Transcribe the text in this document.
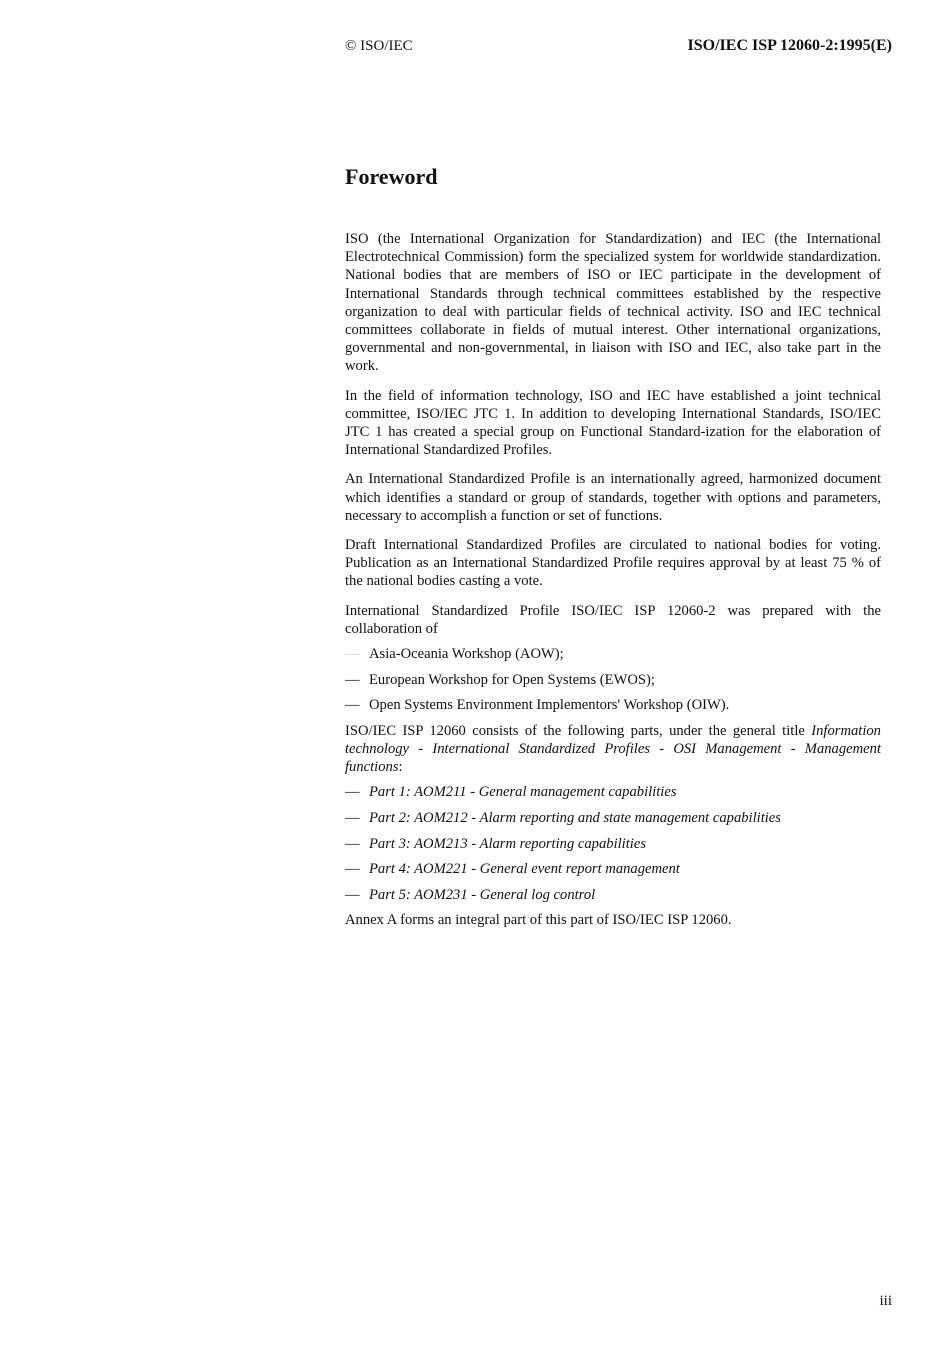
© ISO/IEC	ISO/IEC ISP 12060-2:1995(E)
Foreword

ISO (the International Organization for Standardization) and IEC (the International Electrotechnical Commission) form the specialized system for worldwide standardization. National bodies that are members of ISO or IEC participate in the development of International Standards through technical committees established by the respective organization to deal with particular fields of technical activity. ISO and IEC technical committees collaborate in fields of mutual interest. Other international organizations, governmental and non-governmental, in liaison with ISO and IEC, also take part in the work.

In the field of information technology, ISO and IEC have established a joint technical committee, ISO/IEC JTC 1. In addition to developing International Standards, ISO/IEC JTC 1 has created a special group on Functional Standard-ization for the elaboration of International Standardized Profiles.

An International Standardized Profile is an internationally agreed, harmonized document which identifies a standard or group of standards, together with options and parameters, necessary to accomplish a function or set of functions.

Draft International Standardized Profiles are circulated to national bodies for voting. Publication as an International Standardized Profile requires approval by at least 75 % of the national bodies casting a vote.

International Standardized Profile ISO/IEC ISP 12060-2 was prepared with the collaboration of

— Asia-Oceania Workshop (AOW);
— European Workshop for Open Systems (EWOS);
— Open Systems Environment Implementors' Workshop (OIW).

ISO/IEC ISP 12060 consists of the following parts, under the general title Information technology - International Standardized Profiles - OSI Management - Management functions:

— Part 1: AOM211 - General management capabilities
— Part 2: AOM212 - Alarm reporting and state management capabilities
— Part 3: AOM213 - Alarm reporting capabilities
— Part 4: AOM221 - General event report management
— Part 5: AOM231 - General log control

Annex A forms an integral part of this part of ISO/IEC ISP 12060.

iii
